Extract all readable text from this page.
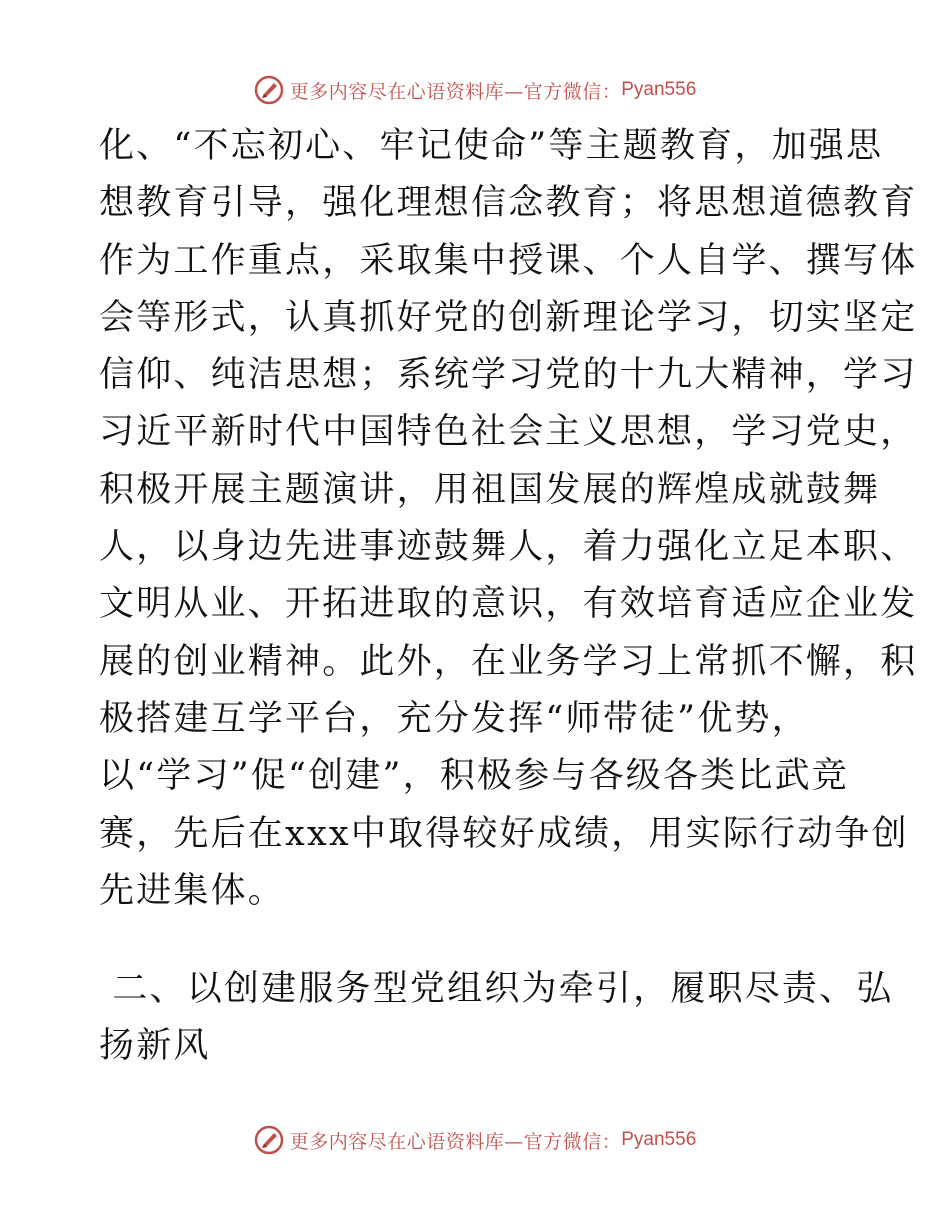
更多内容尽在心语资料库—官方微信： Pyan556
化、“不忘初心、牢记使命”等主题教育，加强思
想教育引导，强化理想信念教育；将思想道德教育
作为工作重点，采取集中授课、个人自学、撰写体
会等形式，认真抓好党的创新理论学习，切实坚定
信仰、纯洁思想；系统学习党的十九大精神，学习
习近平新时代中国特色社会主义思想，学习党史，
积极开展主题演讲，用祖国发展的辉煌成就鼓舞
人，以身边先进事迹鼓舞人，着力强化立足本职、
文明从业、开拓进取的意识，有效培育适应企业发
展的创业精神。此外，在业务学习上常抓不懈，积
极搭建互学平台，充分发挥“师带徒”优势，
以“学习”促“创建”，积极参与各级各类比武竞
赛，先后在xxx中取得较好成绩，用实际行动争创
先进集体。
二、以创建服务型党组织为牵引，履职尽责、弘
扬新风
更多内容尽在心语资料库—官方微信： Pyan556
